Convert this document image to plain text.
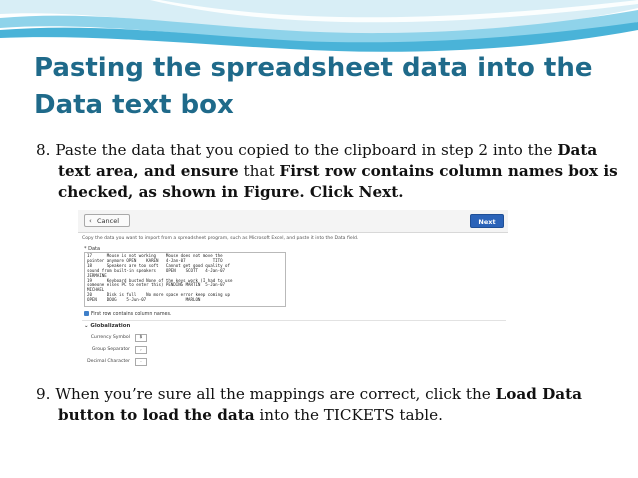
Pasting the spreadsheet data into the Data text box

8. Paste the data that you copied to the clipboard in step 2 into the Data text area, and ensure that First row contains column names box is checked, as shown in Figure. Click Next.

‹ Cancel	Next
Copy the data you want to import from a spreadsheet program, such as Microsoft Excel, and paste it into the Data field.
* Data
17      Mouse is not working    Mouse does not move the
pointer anymore OPEN    KAREN   4-Jan-07           TITO
18      Speakers are too soft   Cannot get good quality of
sound from built-in speakers    OPEN    SCOTT   4-Jan-07
JERMAINE
19      Keyboard busted None of the keys work (I had to use
someone elses PC to enter this) PENDING MARTIN  5-Jan-07
MICHAEL
20      Disk is full    No more space error keep coming up
OPEN    DOUG    5-Jun-07                MARLON
First row contains column names.
⌄ Globalization
Currency Symbol	$
Group Separator	,
Decimal Character	.

9. When you’re sure all the mappings are correct, click the Load Data button to load the data into the TICKETS table.
